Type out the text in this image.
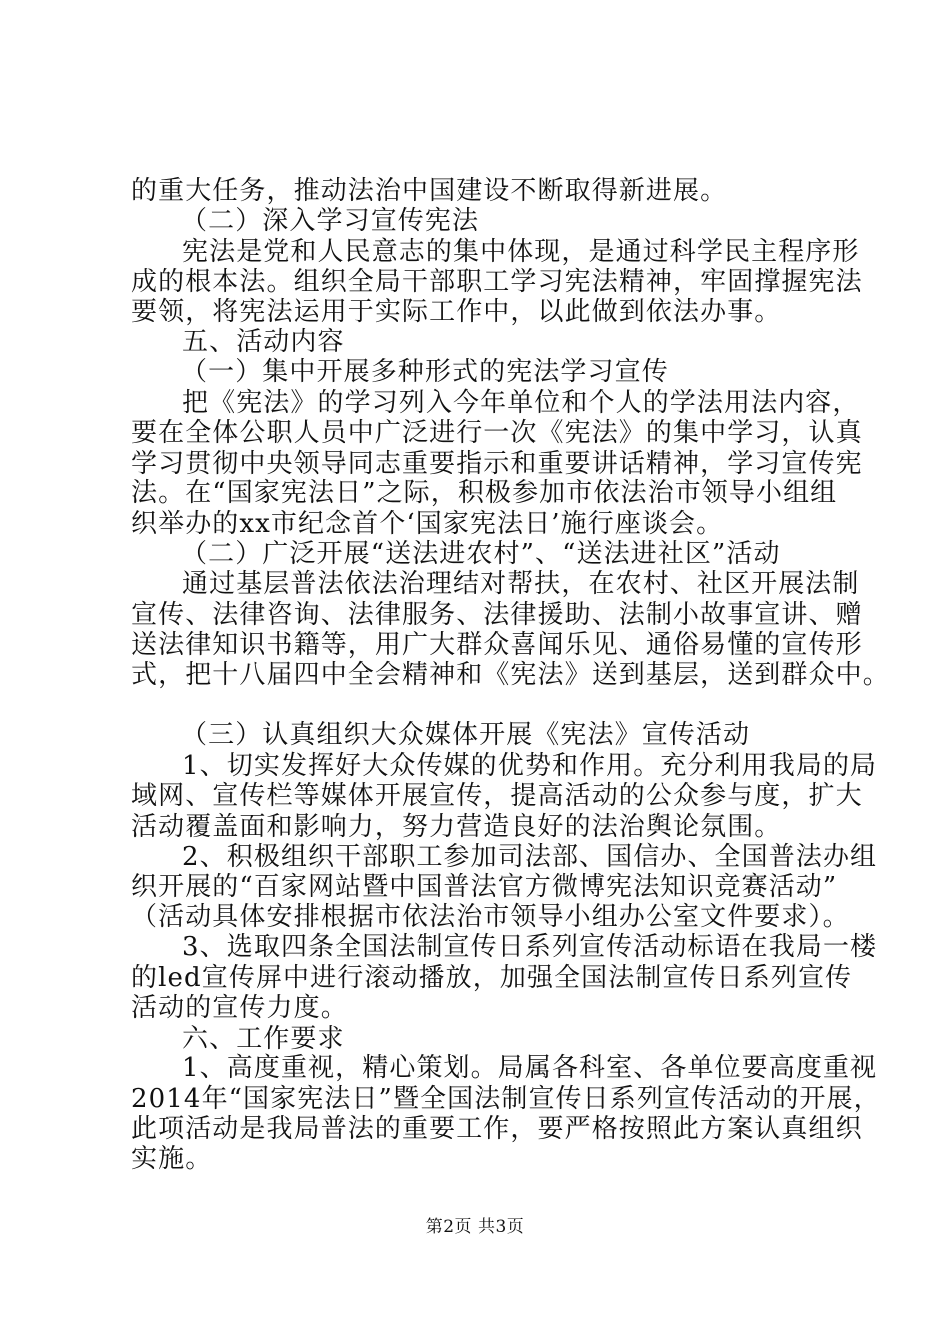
的重大任务，推动法治中国建设不断取得新进展。
（二）深入学习宣传宪法
宪法是党和人民意志的集中体现，是通过科学民主程序形
成的根本法。组织全局干部职工学习宪法精神，牢固撑握宪法
要领，将宪法运用于实际工作中，以此做到依法办事。
五、活动内容
（一）集中开展多种形式的宪法学习宣传
把《宪法》的学习列入今年单位和个人的学法用法内容，
要在全体公职人员中广泛进行一次《宪法》的集中学习，认真
学习贯彻中央领导同志重要指示和重要讲话精神，学习宣传宪
法。在“国家宪法日”之际，积极参加市依法治市领导小组组
织举办的xx市纪念首个‘国家宪法日’施行座谈会。
（二）广泛开展“送法进农村”、“送法进社区”活动
通过基层普法依法治理结对帮扶，在农村、社区开展法制
宣传、法律咨询、法律服务、法律援助、法制小故事宣讲、赠
送法律知识书籍等，用广大群众喜闻乐见、通俗易懂的宣传形
式，把十八届四中全会精神和《宪法》送到基层，送到群众中。
（三）认真组织大众媒体开展《宪法》宣传活动
1、切实发挥好大众传媒的优势和作用。充分利用我局的局
域网、宣传栏等媒体开展宣传，提高活动的公众参与度，扩大
活动覆盖面和影响力，努力营造良好的法治舆论氛围。
2、积极组织干部职工参加司法部、国信办、全国普法办组
织开展的“百家网站暨中国普法官方微博宪法知识竞赛活动”
（活动具体安排根据市依法治市领导小组办公室文件要求）。
3、选取四条全国法制宣传日系列宣传活动标语在我局一楼
的led宣传屏中进行滚动播放，加强全国法制宣传日系列宣传
活动的宣传力度。
六、工作要求
1、高度重视，精心策划。局属各科室、各单位要高度重视
2014年“国家宪法日”暨全国法制宣传日系列宣传活动的开展，
此项活动是我局普法的重要工作，要严格按照此方案认真组织
实施。
第2页 共3页
